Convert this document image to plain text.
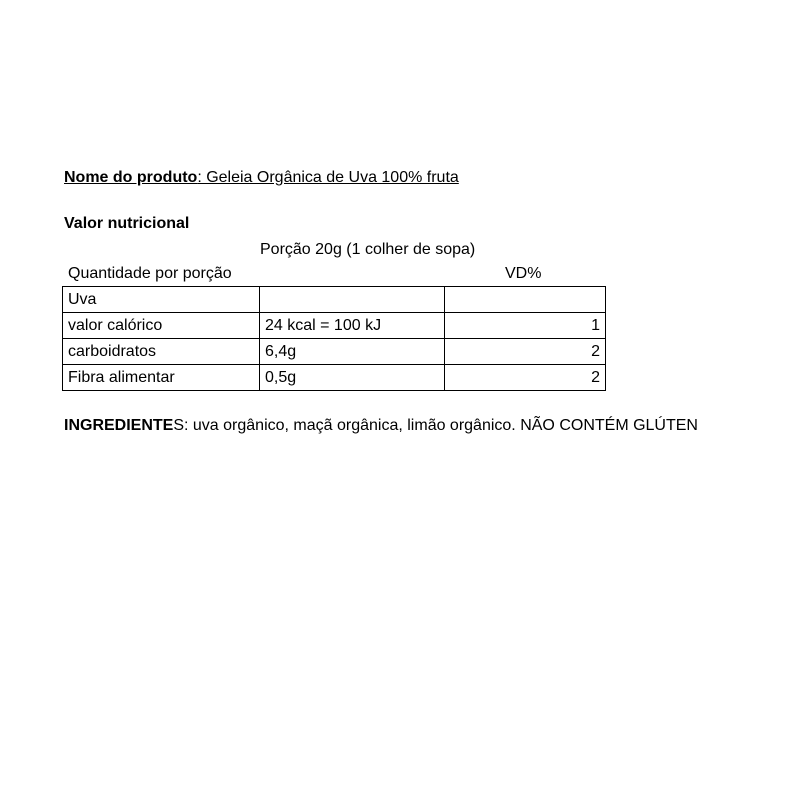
Nome do produto: Geleia Orgânica de Uva 100% fruta
Valor nutricional
Porção 20g (1 colher de sopa)
Quantidade por porção	VD%
Uva		
valor calórico	24 kcal = 100 kJ	1
carboidratos	6,4g	2
Fibra alimentar	0,5g	2
INGREDIENTES: uva orgânico, maçã orgânica, limão orgânico. NÃO CONTÉM GLÚTEN
